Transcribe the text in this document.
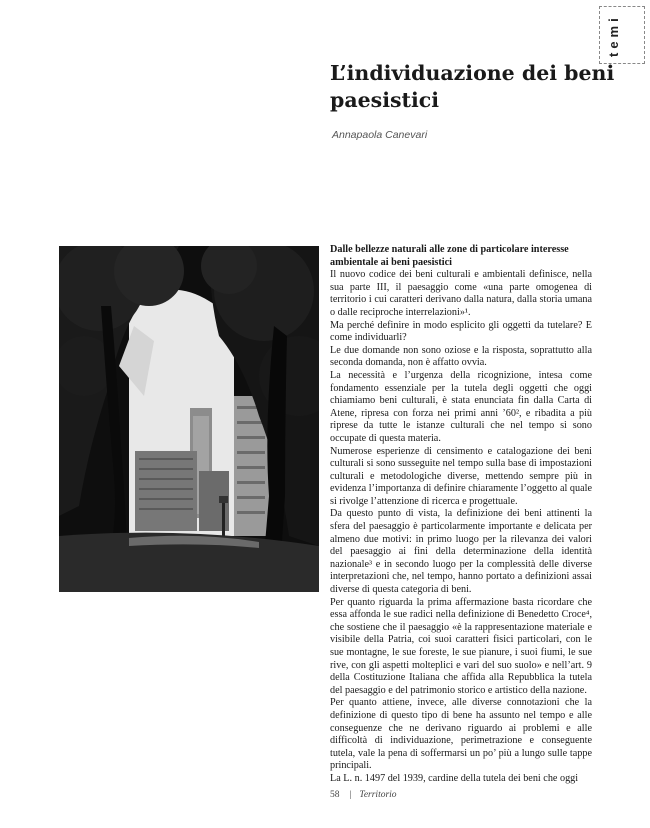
temi
L’individuazione dei beni paesistici
Annapaola Canevari
Dalle bellezze naturali alle zone di particolare interesse ambientale ai beni paesistici

Il nuovo codice dei beni culturali e ambientali definisce, nella sua parte III, il paesaggio come «una parte omogenea di territorio i cui caratteri derivano dalla natura, dalla storia umana o dalle reciproche interrelazioni»¹.

Ma perché definire in modo esplicito gli oggetti da tutelare? E come individuarli?

Le due domande non sono oziose e la risposta, soprattutto alla seconda domanda, non è affatto ovvia.

La necessità e l’urgenza della ricognizione, intesa come fondamento essenziale per la tutela degli oggetti che oggi chiamiamo beni culturali, è stata enunciata fin dalla Carta di Atene, ripresa con forza nei primi anni ’60², e ribadita a più riprese da tutte le istanze culturali che nel tempo si sono occupate di questa materia.

Numerose esperienze di censimento e catalogazione dei beni culturali si sono susseguite nel tempo sulla base di impostazioni culturali e metodologiche diverse, mettendo sempre più in evidenza l’importanza di definire chiaramente l’oggetto al quale si rivolge l’attenzione di ricerca e progettuale.

Da questo punto di vista, la definizione dei beni attinenti la sfera del paesaggio è particolarmente importante e delicata per almeno due motivi: in primo luogo per la rilevanza dei valori del paesaggio ai fini della determinazione della identità nazionale³ e in secondo luogo per la complessità delle diverse interpretazioni che, nel tempo, hanno portato a definizioni assai diverse di questa categoria di beni.

Per quanto riguarda la prima affermazione basta ricordare che essa affonda le sue radici nella definizione di Benedetto Croce⁴, che sostiene che il paesaggio «è la rappresentazione materiale e visibile della Patria, coi suoi caratteri fisici particolari, con le sue montagne, le sue foreste, le sue pianure, i suoi fiumi, le sue rive, con gli aspetti molteplici e vari del suo suolo» e nell’art. 9 della Costituzione Italiana che affida alla Repubblica la tutela del paesaggio e del patrimonio storico e artistico della nazione.

Per quanto attiene, invece, alle diverse connotazioni che la definizione di questo tipo di bene ha assunto nel tempo e alle conseguenze che ne derivano riguardo ai problemi e alle difficoltà di individuazione, perimetrazione e conseguente tutela, vale la pena di soffermarsi un po’ più a lungo sulle tappe principali.

La L. n. 1497 del 1939, cardine della tutela dei beni che oggi

58 | Territorio
